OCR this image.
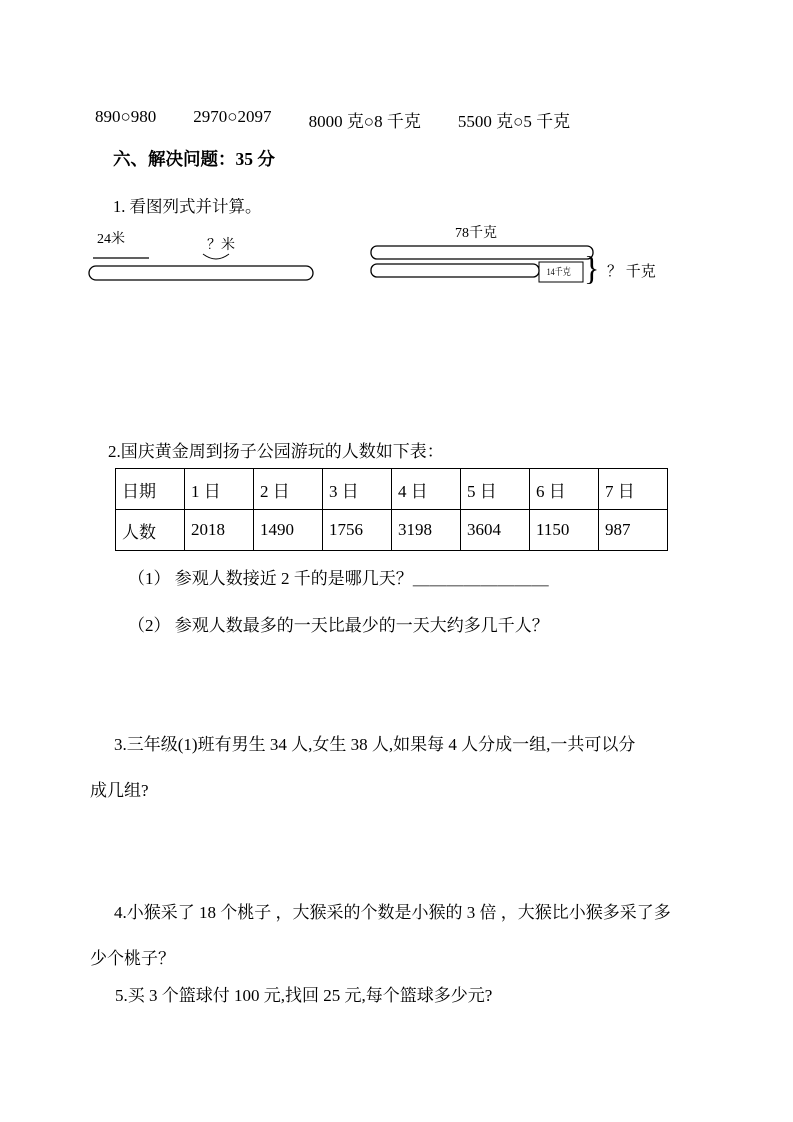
890○980 2970○2097 8000 克○8 千克 5500 克○5 千克
六、解决问题：35 分
1. 看图列式并计算。
24米	？米
78千克
14千克 } ？ 千克
2.国庆黄金周到扬子公园游玩的人数如下表：
日期	1 日	2 日	3 日	4 日	5 日	6 日	7 日
人数	2018	1490	1756	3198	3604	1150	987
（1） 参观人数接近 2 千的是哪几天？＿＿＿＿＿＿＿＿
（2） 参观人数最多的一天比最少的一天大约多几千人？
3.三年级(1)班有男生 34 人,女生 38 人,如果每 4 人分成一组,一共可以分
成几组?
4.小猴采了 18 个桃子 ，大猴采的个数是小猴的 3 倍 ，大猴比小猴多采了多
少个桃子？
5.买 3 个篮球付 100 元,找回 25 元,每个篮球多少元?
